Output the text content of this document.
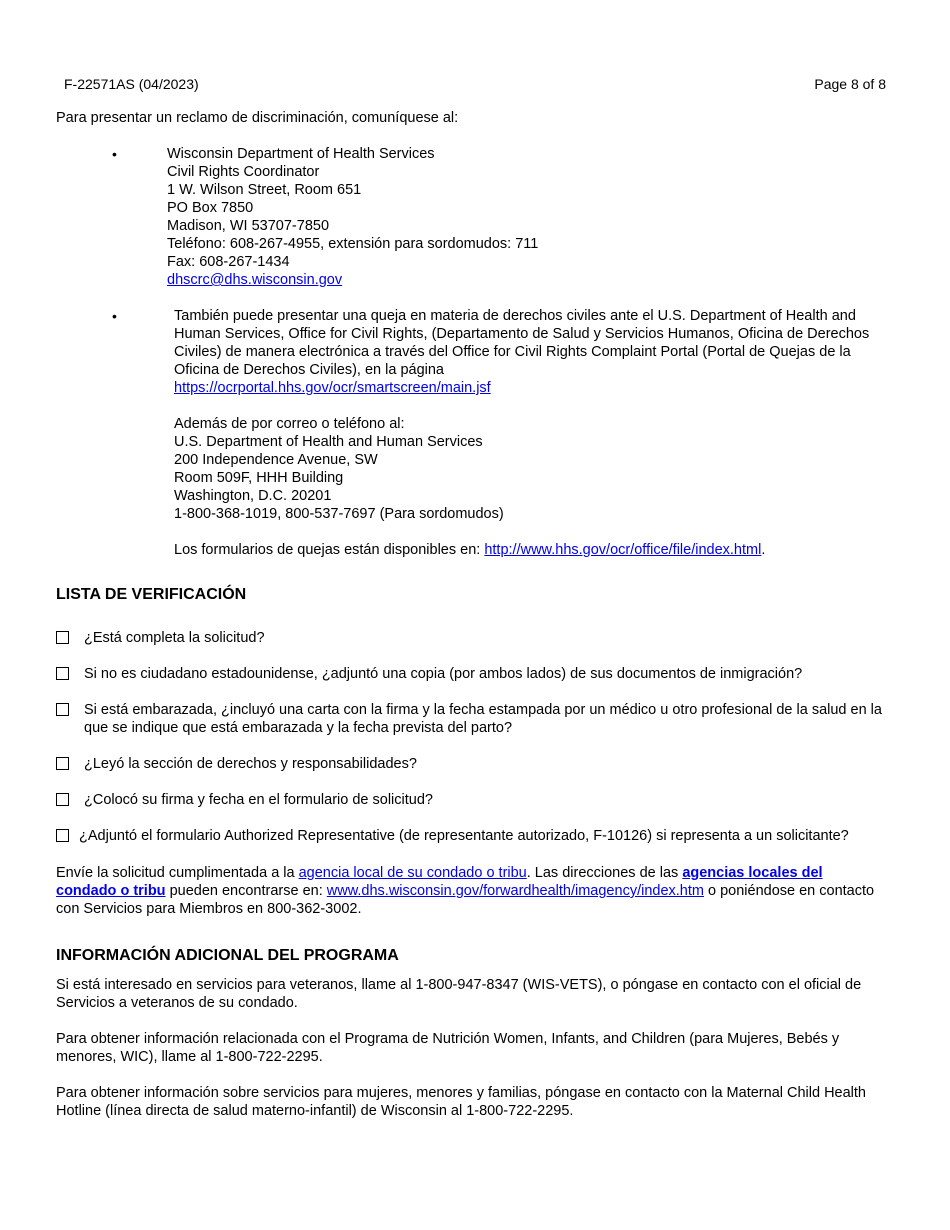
F-22571AS (04/2023)	Page 8 of 8

Para presentar un reclamo de discriminación, comuníquese al:

•	Wisconsin Department of Health Services

Civil Rights Coordinator

1 W. Wilson Street, Room 651

PO Box 7850

Madison, WI 53707-7850

Teléfono: 608-267-4955, extensión para sordomudos: 711

Fax: 608-267-1434

dhscrc@dhs.wisconsin.gov

•	También puede presentar una queja en materia de derechos civiles ante el U.S. Department of Health and Human Services, Office for Civil Rights, (Departamento de Salud y Servicios Humanos, Oficina de Derechos Civiles) de manera electrónica a través del Office for Civil Rights Complaint Portal (Portal de Quejas de la Oficina de Derechos Civiles), en la página

https://ocrportal.hhs.gov/ocr/smartscreen/main.jsf

Además de por correo o teléfono al:

U.S. Department of Health and Human Services

200 Independence Avenue, SW

Room 509F, HHH Building

Washington, D.C. 20201

1-800-368-1019, 800-537-7697 (Para sordomudos)

Los formularios de quejas están disponibles en: http://www.hhs.gov/ocr/office/file/index.html.

LISTA DE VERIFICACIÓN

¿Está completa la solicitud?

Si no es ciudadano estadounidense, ¿adjuntó una copia (por ambos lados) de sus documentos de inmigración?

Si está embarazada, ¿incluyó una carta con la firma y la fecha estampada por un médico u otro profesional de la salud en la que se indique que está embarazada y la fecha prevista del parto?

¿Leyó la sección de derechos y responsabilidades?

¿Colocó su firma y fecha en el formulario de solicitud?

¿Adjuntó el formulario Authorized Representative (de representante autorizado, F-10126) si representa a un solicitante?

Envíe la solicitud cumplimentada a la agencia local de su condado o tribu. Las direcciones de las agencias locales del condado o tribu pueden encontrarse en: www.dhs.wisconsin.gov/forwardhealth/imagency/index.htm o poniéndose en contacto con Servicios para Miembros en 800-362-3002.

INFORMACIÓN ADICIONAL DEL PROGRAMA

Si está interesado en servicios para veteranos, llame al 1-800-947-8347 (WIS-VETS), o póngase en contacto con el oficial de Servicios a veteranos de su condado.

Para obtener información relacionada con el Programa de Nutrición Women, Infants, and Children (para Mujeres, Bebés y menores, WIC), llame al 1-800-722-2295.

Para obtener información sobre servicios para mujeres, menores y familias, póngase en contacto con la Maternal Child Health Hotline (línea directa de salud materno-infantil) de Wisconsin al 1-800-722-2295.
